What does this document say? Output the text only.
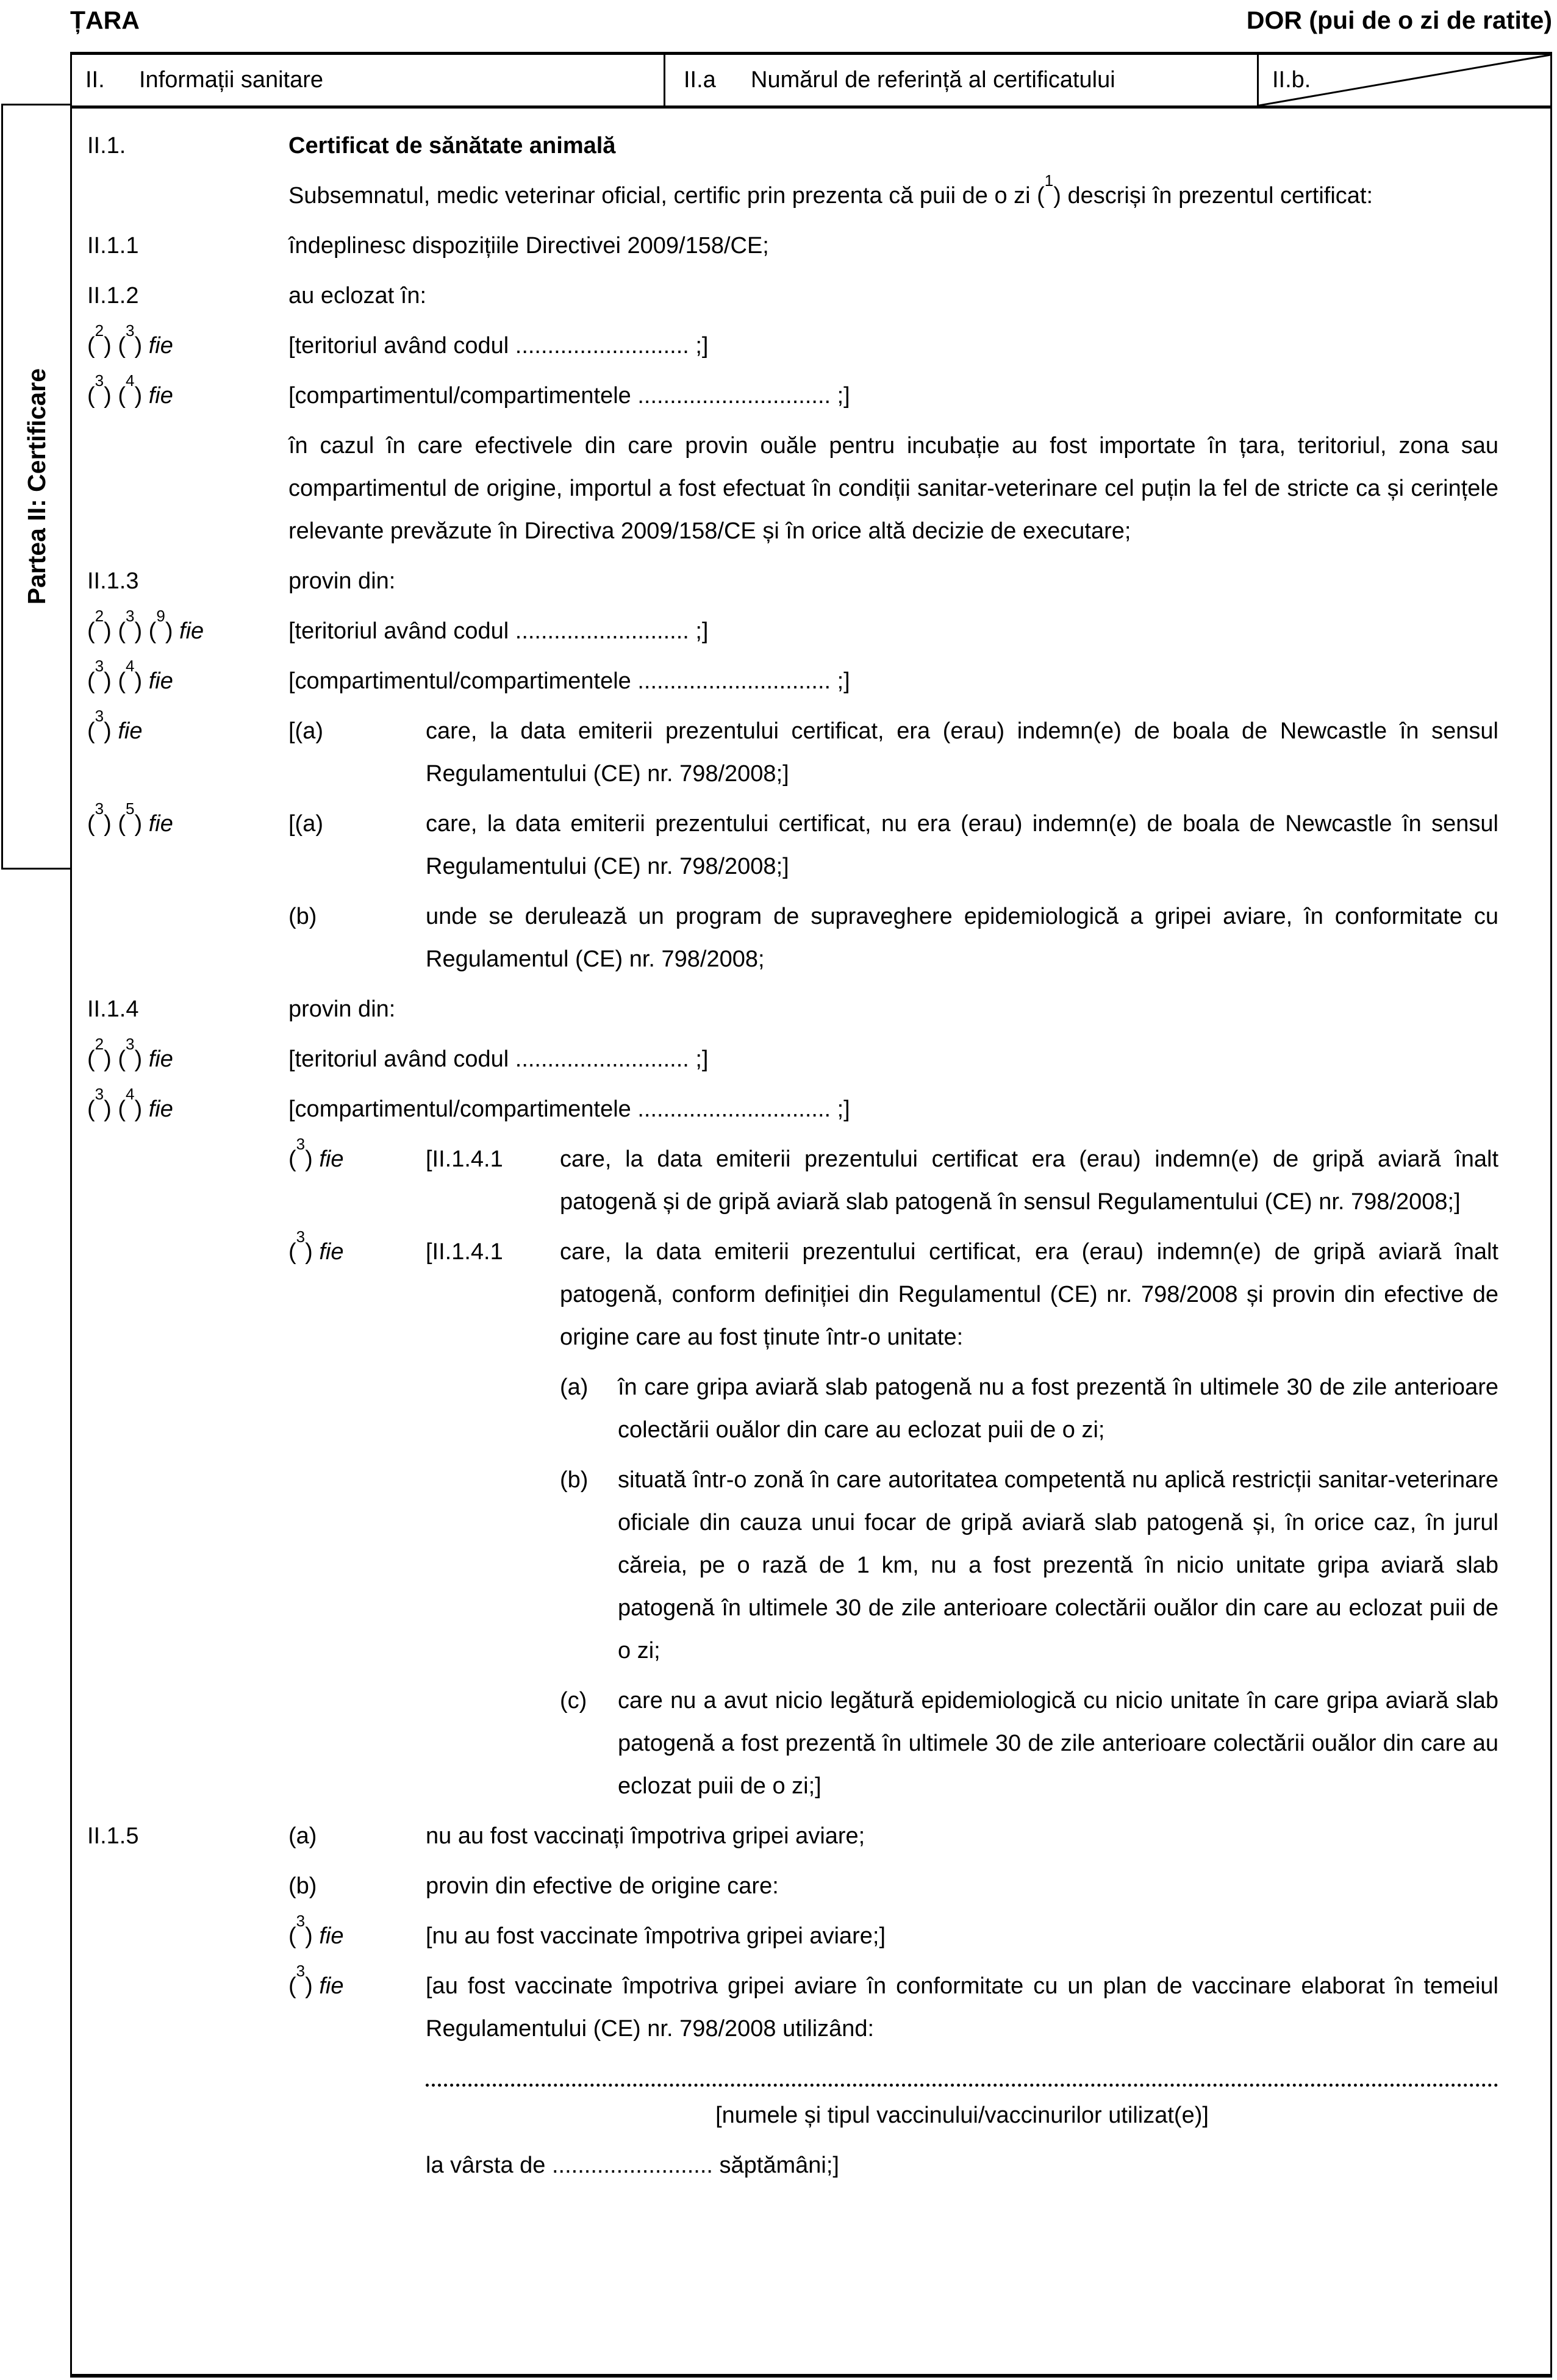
ȚARA	DOR (pui de o zi de ratite)
Partea II: Certificare
II.	Informații sanitare	II.a	Numărul de referință al certificatului	II.b.
II.1.	Certificat de sănătate animală
Subsemnatul, medic veterinar oficial, certific prin prezenta că puii de o zi ($^1$) descriși în prezentul certificat:
II.1.1	îndeplinesc dispozițiile Directivei 2009/158/CE;
II.1.2	au eclozat în:
($^2$) ($^3$) fie	[teritoriul având codul ........................... ;]
($^3$) ($^4$) fie	[compartimentul/compartimentele .............................. ;]
în cazul în care efectivele din care provin ouăle pentru incubație au fost importate în țara, teritoriul, zona sau compartimentul de origine, importul a fost efectuat în condiții sanitar-veterinare cel puțin la fel de stricte ca și cerințele relevante prevăzute în Directiva 2009/158/CE și în orice altă decizie de executare;
II.1.3	provin din:
($^2$) ($^3$) ($^9$) fie	[teritoriul având codul ........................... ;]
($^3$) ($^4$) fie	[compartimentul/compartimentele .............................. ;]
($^3$) fie	[(a)	care, la data emiterii prezentului certificat, era (erau) indemn(e) de boala de Newcastle în sensul Regulamentului (CE) nr. 798/2008;]
($^3$) ($^5$) fie	[(a)	care, la data emiterii prezentului certificat, nu era (erau) indemn(e) de boala de Newcastle în sensul Regulamentului (CE) nr. 798/2008;]
(b)	unde se derulează un program de supraveghere epidemiologică a gripei aviare, în conformitate cu Regulamentul (CE) nr. 798/2008;
II.1.4	provin din:
($^2$) ($^3$) fie	[teritoriul având codul ........................... ;]
($^3$) ($^4$) fie	[compartimentul/compartimentele .............................. ;]
($^3$) fie	[II.1.4.1	care, la data emiterii prezentului certificat era (erau) indemn(e) de gripă aviară înalt patogenă și de gripă aviară slab patogenă în sensul Regulamentului (CE) nr. 798/2008;]
($^3$) fie	[II.1.4.1	care, la data emiterii prezentului certificat, era (erau) indemn(e) de gripă aviară înalt patogenă, conform definiției din Regulamentul (CE) nr. 798/2008 și provin din efective de origine care au fost ținute într-o unitate:
(a)	în care gripa aviară slab patogenă nu a fost prezentă în ultimele 30 de zile anterioare colectării ouălor din care au eclozat puii de o zi;
(b)	situată într-o zonă în care autoritatea competentă nu aplică restricții sanitar-veterinare oficiale din cauza unui focar de gripă aviară slab patogenă și, în orice caz, în jurul căreia, pe o rază de 1 km, nu a fost prezentă în nicio unitate gripa aviară slab patogenă în ultimele 30 de zile anterioare colectării ouălor din care au eclozat puii de o zi;
(c)	care nu a avut nicio legătură epidemiologică cu nicio unitate în care gripa aviară slab patogenă a fost prezentă în ultimele 30 de zile anterioare colectării ouălor din care au eclozat puii de o zi;]
II.1.5	(a)	nu au fost vaccinați împotriva gripei aviare;
(b)	provin din efective de origine care:
($^3$) fie	[nu au fost vaccinate împotriva gripei aviare;]
($^3$) fie	[au fost vaccinate împotriva gripei aviare în conformitate cu un plan de vaccinare elaborat în temeiul Regulamentului (CE) nr. 798/2008 utilizând:
[numele și tipul vaccinului/vaccinurilor utilizat(e)]
la vârsta de ......................... săptămâni;]
